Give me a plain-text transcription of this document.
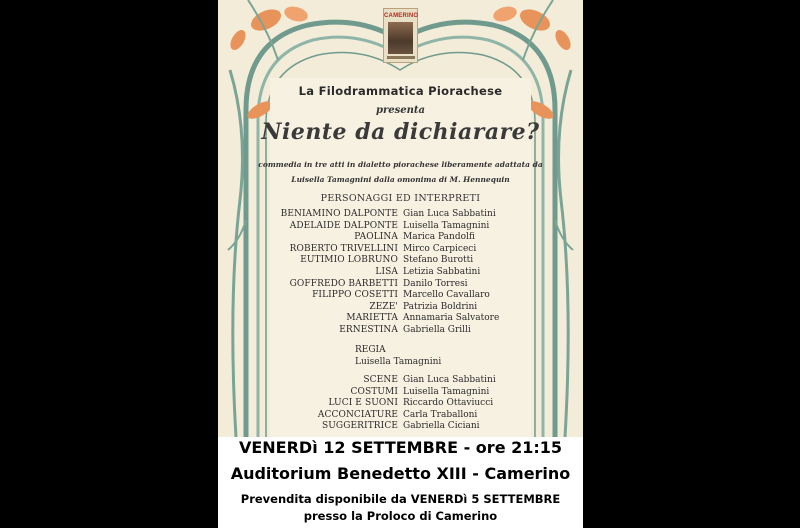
CAMERINO
La Filodrammatica Piorachese
presenta
Niente da dichiarare?
commedia in tre atti in dialetto piorachese liberamente adattata da
Luisella Tamagnini dalla omonima di M. Hennequin
PERSONAGGI ED INTERPRETI
BENIAMINO DALPONTE Gian Luca Sabbatini
ADELAIDE DALPONTE Luisella Tamagnini
PAOLINA Marica Pandolfi
ROBERTO TRIVELLINI Mirco Carpiceci
EUTIMIO LOBRUNO Stefano Burotti
LISA Letizia Sabbatini
GOFFREDO BARBETTI Danilo Torresi
FILIPPO COSETTI Marcello Cavallaro
ZEZE' Patrizia Boldrini
MARIETTA Annamaria Salvatore
ERNESTINA Gabriella Grilli
REGIA
Luisella Tamagnini
SCENE Gian Luca Sabbatini
COSTUMI Luisella Tamagnini
LUCI E SUONI Riccardo Ottaviucci
ACCONCIATURE Carla Traballoni
SUGGERITRICE Gabriella Ciciani
VENERDì 12 SETTEMBRE - ore 21:15
Auditorium Benedetto XIII - Camerino
Prevendita disponibile da VENERDì 5 SETTEMBRE
presso la Proloco di Camerino
